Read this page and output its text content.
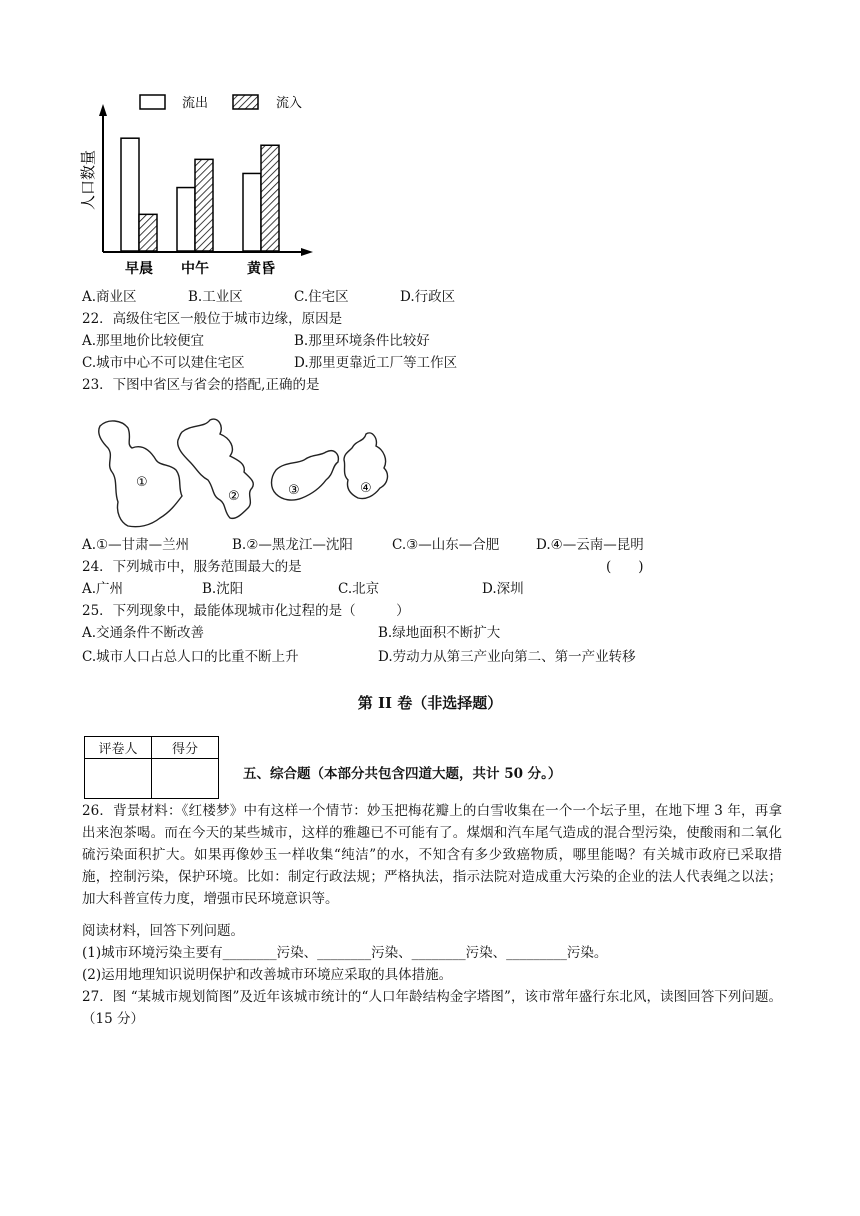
人口数量
流出	流入
早晨 中午	黄昏
A.商业区	B.工业区	C.住宅区	D.行政区
22．高级住宅区一般位于城市边缘，原因是
A.那里地价比较便宜	B.那里环境条件比较好
C.城市中心不可以建住宅区	D.那里更靠近工厂等工作区
23．下图中省区与省会的搭配,正确的是
①
②	③	④
A.①—甘肃—兰州	B.②—黑龙江—沈阳	C.③—山东—合肥	D.④—云南—昆明
24．下列城市中，服务范围最大的是	(　　)
A.广州	B.沈阳	C.北京	D.深圳
25．下列现象中，最能体现城市化过程的是（　　　）
A.交通条件不断改善	B.绿地面积不断扩大
C.城市人口占总人口的比重不断上升	D.劳动力从第三产业向第二、第一产业转移
第 II 卷（非选择题）
评卷人	得分

五、综合题（本部分共包含四道大题，共计 50 分。）
26．背景材料：《红楼梦》中有这样一个情节：妙玉把梅花瓣上的白雪收集在一个一个坛子里，在地下埋 3 年，再拿出来泡茶喝。而在今天的某些城市，这样的雅趣已不可能有了。煤烟和汽车尾气造成的混合型污染，使酸雨和二氧化硫污染面积扩大。如果再像妙玉一样收集“纯洁”的水，不知含有多少致癌物质，哪里能喝？有关城市政府已采取措施，控制污染，保护环境。比如：制定行政法规；严格执法，指示法院对造成重大污染的企业的法人代表绳之以法；加大科普宣传力度，增强市民环境意识等。
阅读材料，回答下列问题。
(1)城市环境污染主要有________污染、________污染、________污染、_________污染。
(2)运用地理知识说明保护和改善城市环境应采取的具体措施。
27．图 “某城市规划简图”及近年该城市统计的“人口年龄结构金字塔图”，该市常年盛行东北风，读图回答下列问题。（15 分）
